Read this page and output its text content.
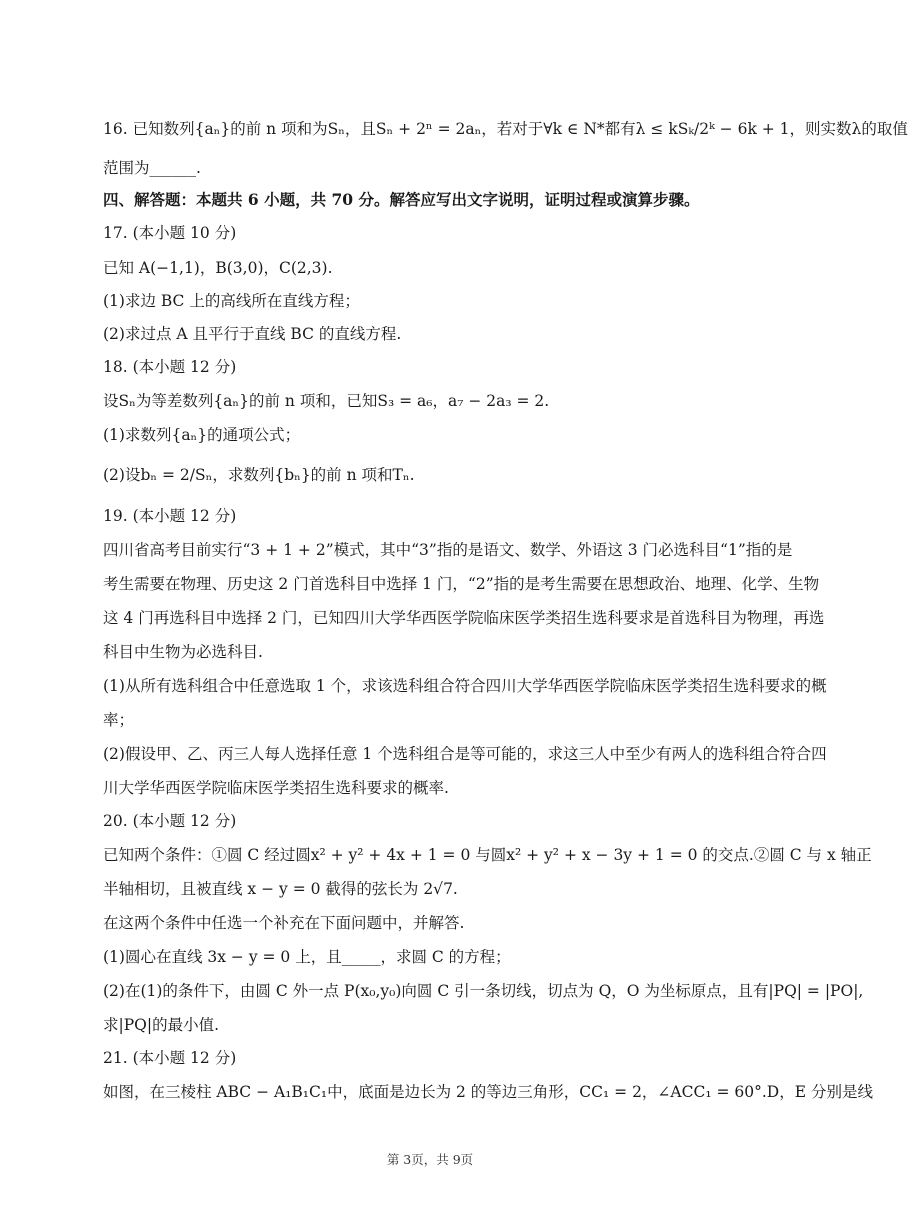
16. 已知数列{aₙ}的前 n 项和为Sₙ，且Sₙ + 2ⁿ = 2aₙ，若对于∀k ∈ N*都有λ ≤ kSₖ/2ᵏ − 6k + 1，则实数λ的取值
范围为______.
四、解答题：本题共 6 小题，共 70 分。解答应写出文字说明，证明过程或演算步骤。
17. (本小题 10 分)
已知 A(−1,1)，B(3,0)，C(2,3).
(1)求边 BC 上的高线所在直线方程；
(2)求过点 A 且平行于直线 BC 的直线方程.
18. (本小题 12 分)
设Sₙ为等差数列{aₙ}的前 n 项和，已知S₃ = a₆，a₇ − 2a₃ = 2.
(1)求数列{aₙ}的通项公式；
(2)设bₙ = 2/Sₙ，求数列{bₙ}的前 n 项和Tₙ.
19. (本小题 12 分)
四川省高考目前实行“3 + 1 + 2”模式，其中“3”指的是语文、数学、外语这 3 门必选科目“1”指的是
考生需要在物理、历史这 2 门首选科目中选择 1 门，“2”指的是考生需要在思想政治、地理、化学、生物
这 4 门再选科目中选择 2 门，已知四川大学华西医学院临床医学类招生选科要求是首选科目为物理，再选
科目中生物为必选科目.
(1)从所有选科组合中任意选取 1 个，求该选科组合符合四川大学华西医学院临床医学类招生选科要求的概
率；
(2)假设甲、乙、丙三人每人选择任意 1 个选科组合是等可能的，求这三人中至少有两人的选科组合符合四
川大学华西医学院临床医学类招生选科要求的概率.
20. (本小题 12 分)
已知两个条件：①圆 C 经过圆x² + y² + 4x + 1 = 0 与圆x² + y² + x − 3y + 1 = 0 的交点.②圆 C 与 x 轴正
半轴相切，且被直线 x − y = 0 截得的弦长为 2√7.
在这两个条件中任选一个补充在下面问题中，并解答.
(1)圆心在直线 3x − y = 0 上，且_____，求圆 C 的方程；
(2)在(1)的条件下，由圆 C 外一点 P(x₀,y₀)向圆 C 引一条切线，切点为 Q，O 为坐标原点，且有|PQ| = |PO|,
求|PQ|的最小值.
21. (本小题 12 分)
如图，在三棱柱 ABC − A₁B₁C₁中，底面是边长为 2 的等边三角形，CC₁ = 2，∠ACC₁ = 60°.D，E 分别是线
第 3页，共 9页
